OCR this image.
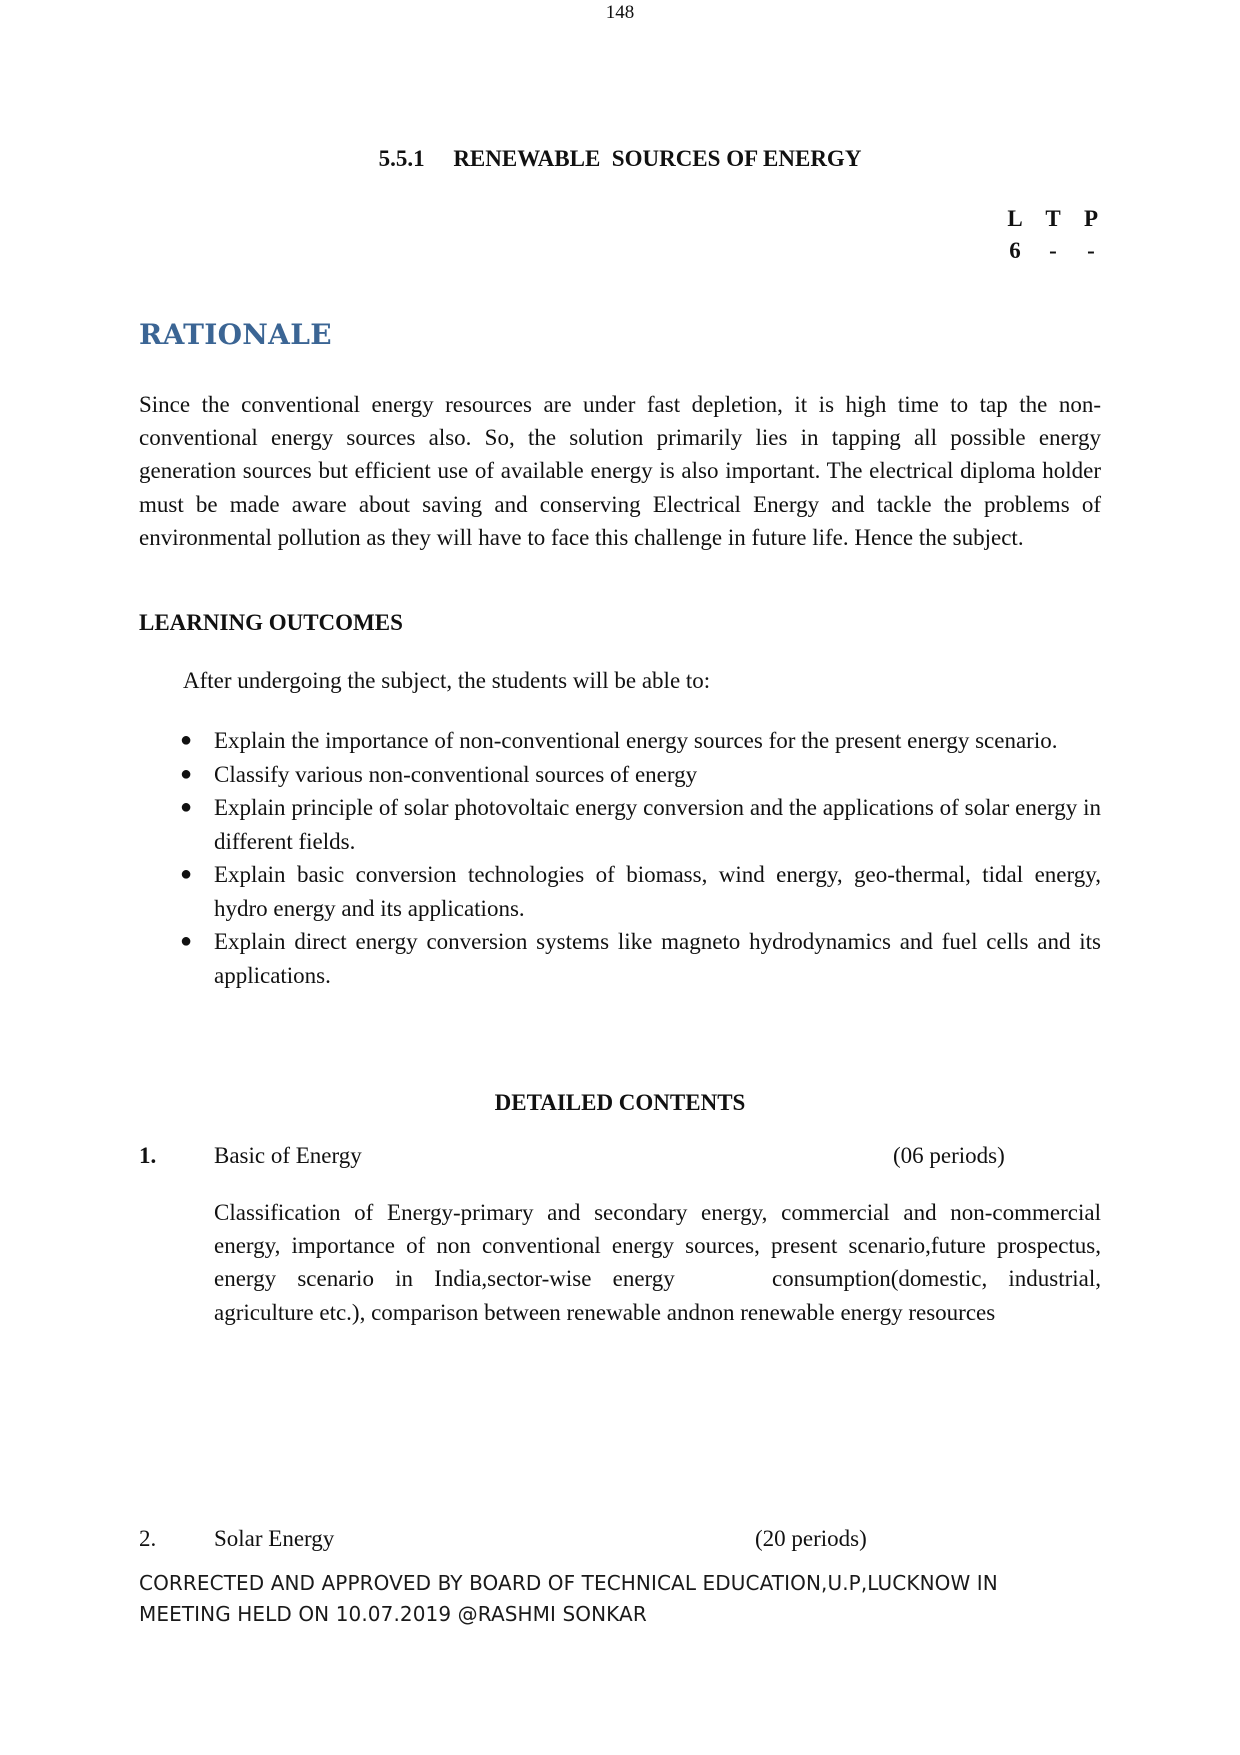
148
5.5.1 RENEWABLE  SOURCES OF ENERGY
L T	P
6	-	-
RATIONALE
Since the conventional energy resources are under fast depletion, it is high time to tap the non-conventional energy sources also. So, the solution primarily lies in tapping all possible energy generation sources but efficient use of available energy is also important. The electrical diploma holder must be made aware about saving and conserving Electrical Energy and tackle the problems of environmental pollution as they will have to face this challenge in future life. Hence the subject.
LEARNING OUTCOMES
After undergoing the subject, the students will be able to:
● Explain the importance of non-conventional energy sources for the present energy scenario.
● Classify various non-conventional sources of energy
● Explain principle of solar photovoltaic energy conversion and the applications of solar energy in different fields.
● Explain basic conversion technologies of biomass, wind energy, geo-thermal, tidal energy, hydro energy and its applications.
● Explain direct energy conversion systems like magneto hydrodynamics and fuel cells and its applications.
DETAILED CONTENTS
1.	Basic of Energy	(06 periods)
Classification of Energy-primary and secondary energy, commercial and non-commercial energy, importance of non conventional energy sources, present scenario,future prospectus, energy scenario in India,sector-wise energy	consumption(domestic, industrial, agriculture etc.), comparison between renewable andnon renewable energy resources
2.	Solar Energy	(20 periods)
CORRECTED AND APPROVED BY BOARD OF TECHNICAL EDUCATION,U.P,LUCKNOW IN
MEETING HELD ON 10.07.2019 @RASHMI SONKAR
